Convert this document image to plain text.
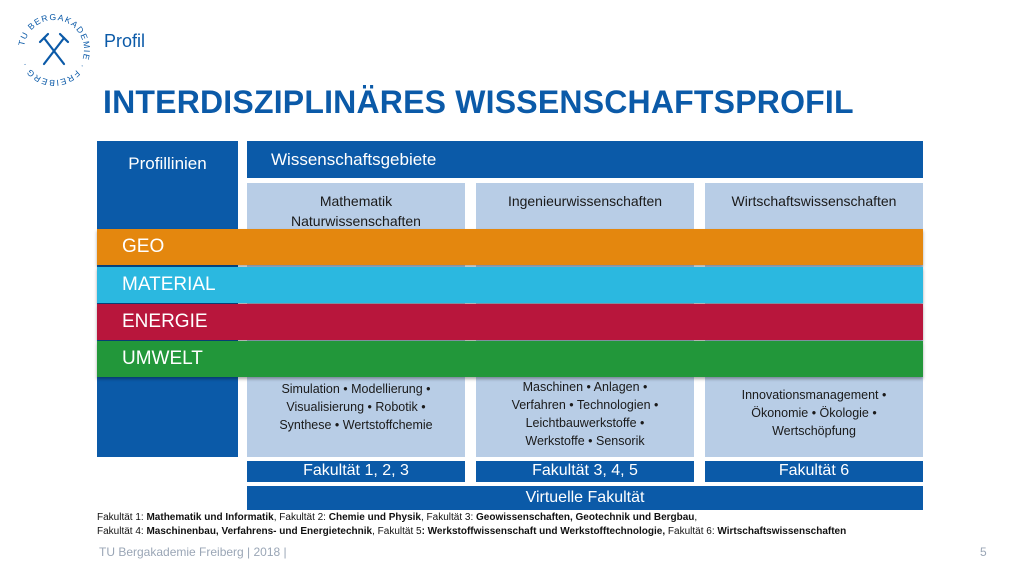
TU BERGAKADEMIE · FREIBERG ·
Profil
INTERDISZIPLINÄRES WISSENSCHAFTSPROFIL
Profillinien	Wissenschaftsgebiete
Mathematik
Naturwissenschaften
Simulation • Modellierung •
Visualisierung • Robotik •
Synthese • Wertstoffchemie
Ingenieurwissenschaften
Maschinen • Anlagen •
Verfahren • Technologien •
Leichtbauwerkstoffe •
Werkstoffe • Sensorik
Wirtschaftswissenschaften
Innovationsmanagement •
Ökonomie • Ökologie •
Wertschöpfung
GEO
MATERIAL
ENERGIE
UMWELT
Fakultät 1, 2, 3	Fakultät 3, 4, 5	Fakultät 6
Virtuelle Fakultät
Fakultät 1: Mathematik und Informatik, Fakultät 2: Chemie und Physik, Fakultät 3: Geowissenschaften, Geotechnik und Bergbau,
Fakultät 4: Maschinenbau, Verfahrens- und Energietechnik, Fakultät 5: Werkstoffwissenschaft und Werkstofftechnologie, Fakultät 6: Wirtschaftswissenschaften
TU Bergakademie Freiberg | 2018 |	5
